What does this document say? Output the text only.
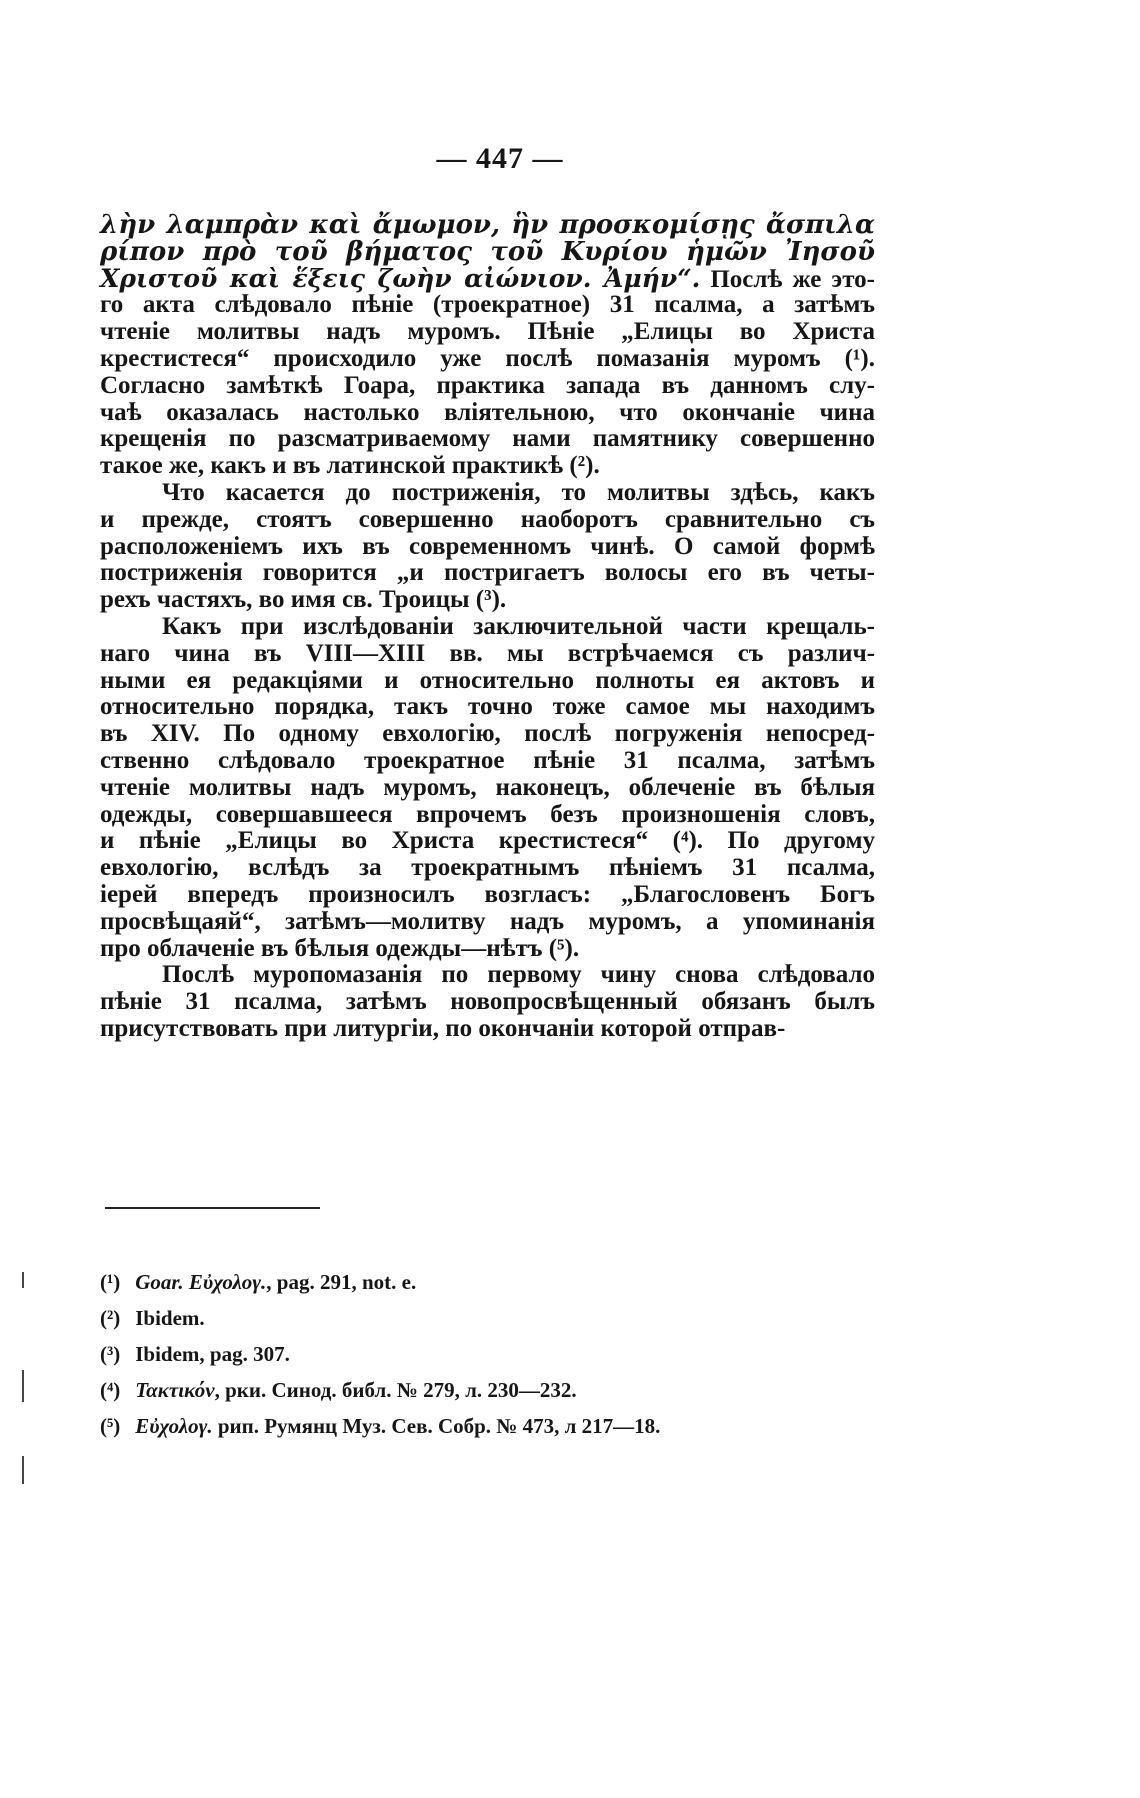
— 447 —
λὴν λαμπρὰν καὶ ἄμωμον, ἣν προσκομίσῃς ἄσπιλα
ρίπον πρὸ τοῦ βήματος τοῦ Κυρίου ἡμῶν Ἰησοῦ
Χριστοῦ καὶ ἕξεις ζωὴν αἰώνιον. Ἀμήν“. Послѣ же это-
го акта слѣдовало пѣніе (троекратное) 31 псалма, а затѣмъ
чтеніе молитвы надъ муромъ. Пѣніе „Елицы во Христа
крестистеся“ происходило уже послѣ помазанія муромъ (¹).
Согласно замѣткѣ Гоара, практика запада въ данномъ слу-
чаѣ оказалась настолько вліятельною, что окончаніе чина
крещенія по разсматриваемому нами памятнику совершенно
такое же, какъ и въ латинской практикѣ (²).
Что касается до постриженія, то молитвы здѣсь, какъ
и прежде, стоятъ совершенно наоборотъ сравнительно съ
расположеніемъ ихъ въ современномъ чинѣ. О самой формѣ
постриженія говорится „и постригаетъ волосы его въ четы-
рехъ частяхъ, во имя св. Троицы (³).
Какъ при изслѣдованіи заключительной части крещаль-
наго чина въ VIII—XIII вв. мы встрѣчаемся съ различ-
ными ея редакціями и относительно полноты ея актовъ и
относительно порядка, такъ точно тоже самое мы находимъ
въ XIV. По одному евхологію, послѣ погруженія непосред-
ственно слѣдовало троекратное пѣніе 31 псалма, затѣмъ
чтеніе молитвы надъ муромъ, наконецъ, облеченіе въ бѣлыя
одежды, совершавшееся впрочемъ безъ произношенія словъ,
и пѣніе „Елицы во Христа крестистеся“ (⁴). По другому
евхологію, вслѣдъ за троекратнымъ пѣніемъ 31 псалма,
іерей впередъ произносилъ возгласъ: „Благословенъ Богъ
просвѣщаяй“, затѣмъ—молитву надъ муромъ, а упоминанія
про облаченіе въ бѣлыя одежды—нѣтъ (⁵).
Послѣ муропомазанія по первому чину снова слѣдовало
пѣніе 31 псалма, затѣмъ новопросвѣщенный обязанъ былъ
присутствовать при литургіи, по окончаніи которой отправ-
(¹) Goar. Εὐχολογ., pag. 291, not. e.
(²) Ibidem.
(³) Ibidem, pag. 307.
(⁴) Τακτικόν, рки. Синод. библ. № 279, л. 230—232.
(⁵) Εὐχολογ. рип. Румянц Муз. Сев. Собр. № 473, л 217—18.
